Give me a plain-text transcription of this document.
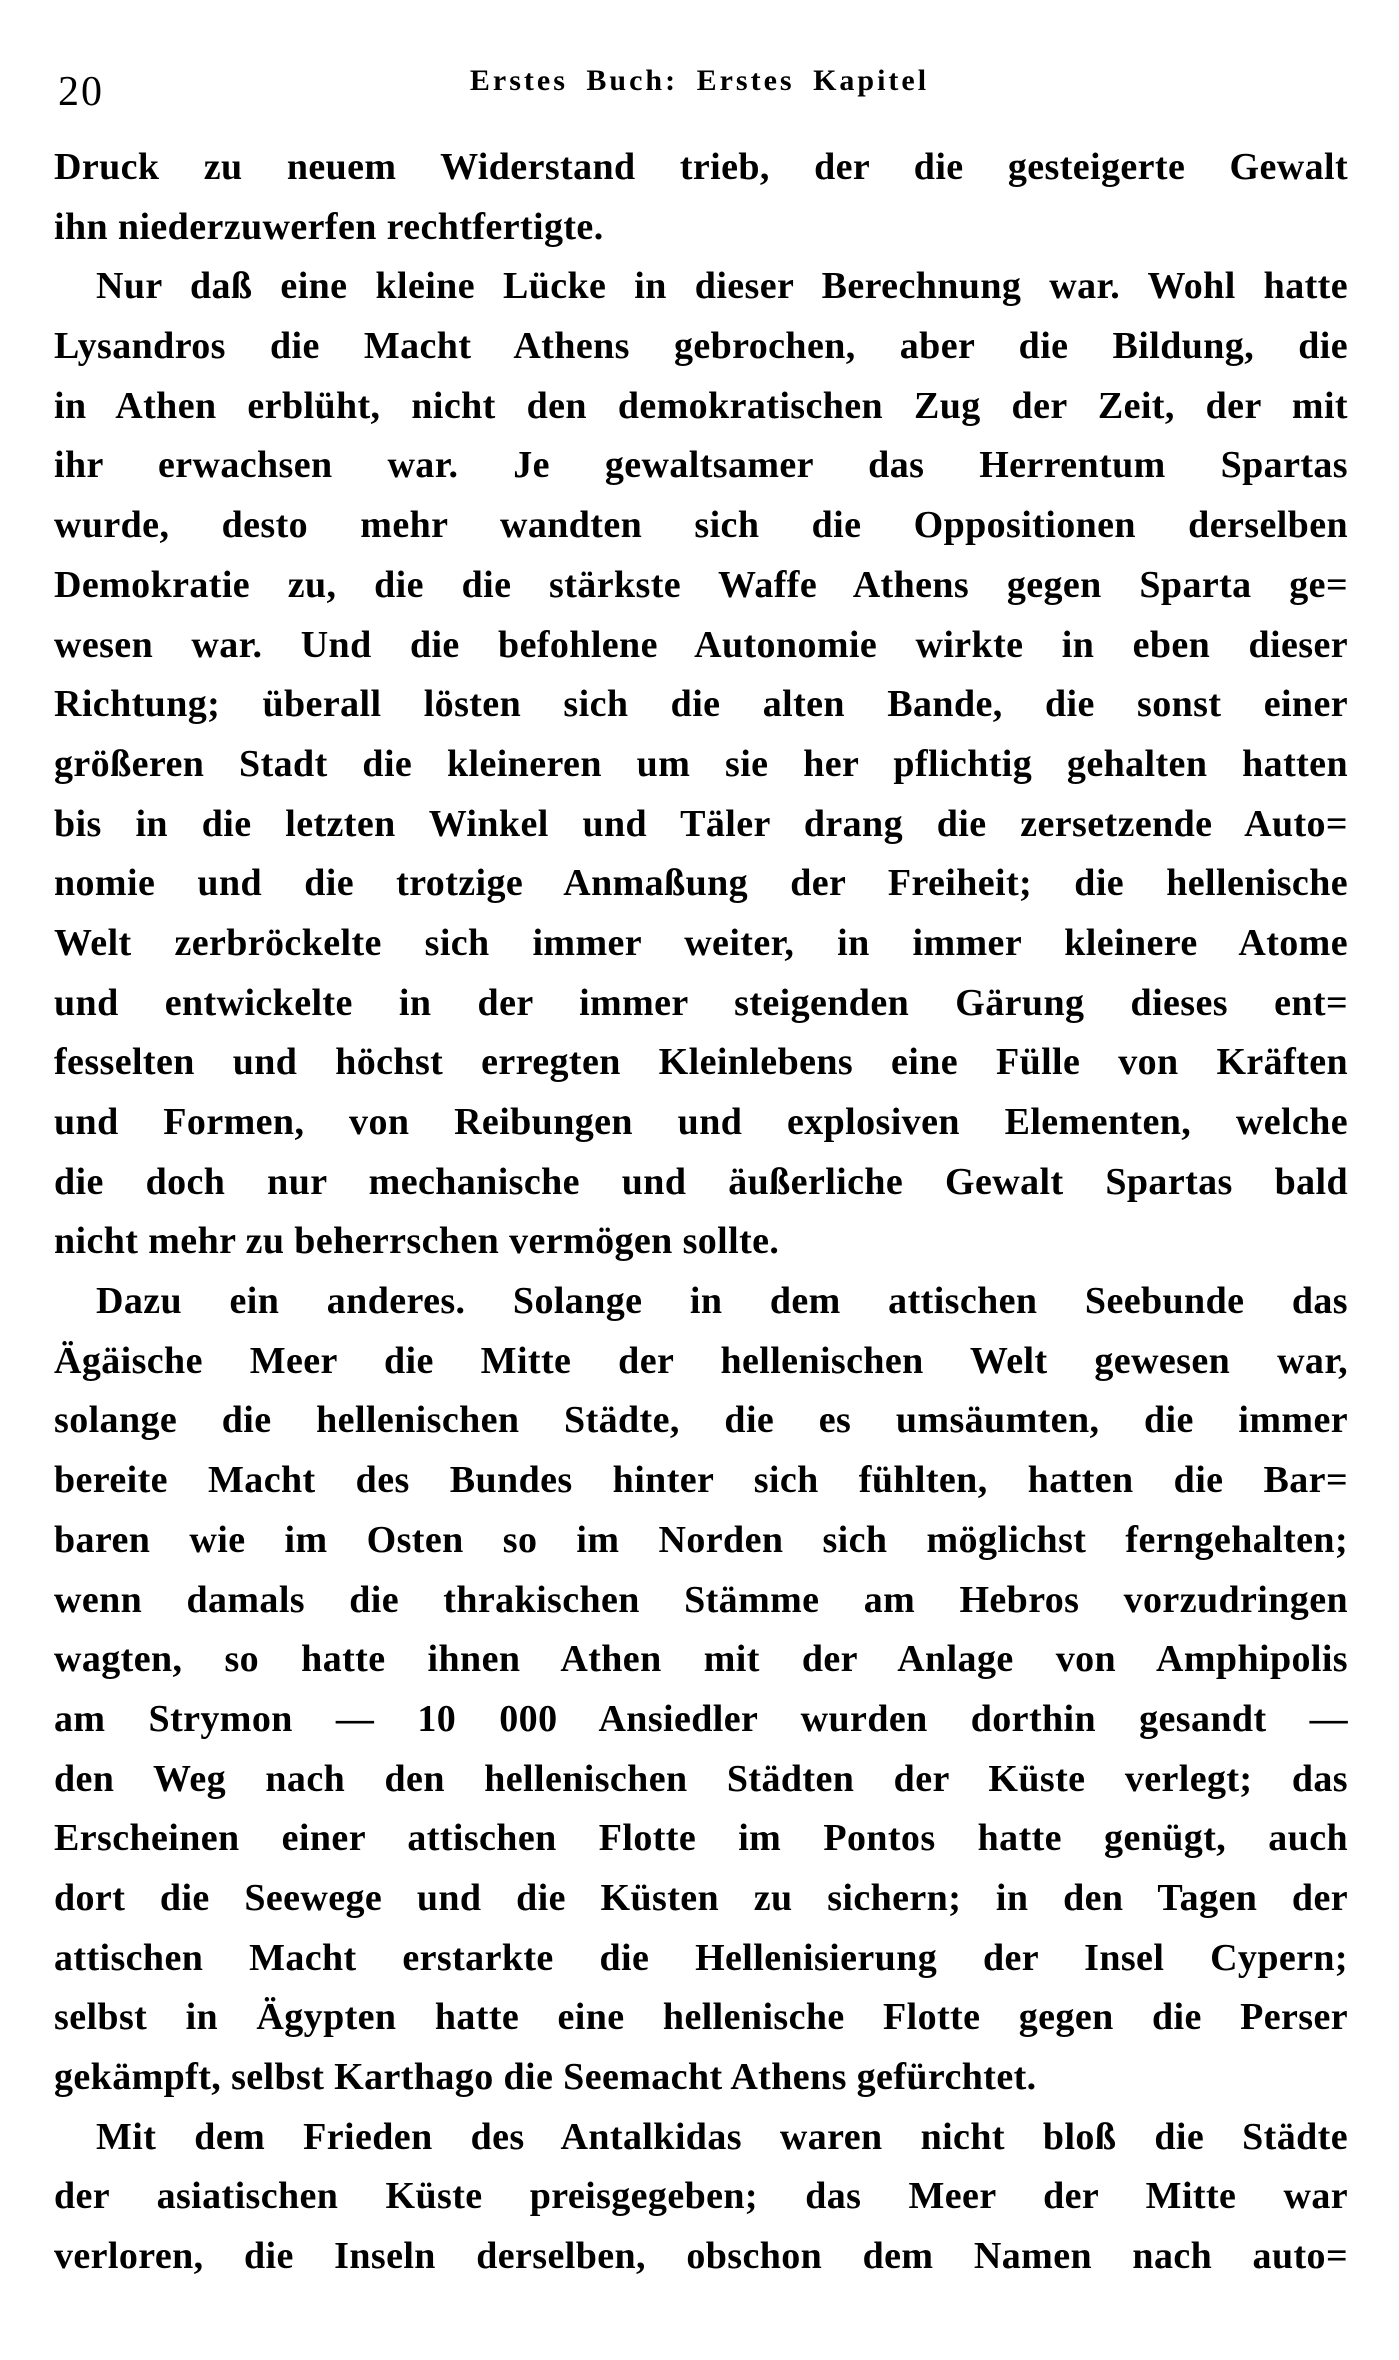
20	Erstes Buch: Erstes Kapitel
Druck zu neuem Widerstand trieb, der die gesteigerte Gewalt
ihn niederzuwerfen rechtfertigte.
Nur daß eine kleine Lücke in dieser Berechnung war. Wohl hatte
Lysandros die Macht Athens gebrochen, aber die Bildung, die
in Athen erblüht, nicht den demokratischen Zug der Zeit, der mit
ihr erwachsen war. Je gewaltsamer das Herrentum Spartas
wurde, desto mehr wandten sich die Oppositionen derselben
Demokratie zu, die die stärkste Waffe Athens gegen Sparta ge=
wesen war. Und die befohlene Autonomie wirkte in eben dieser
Richtung; überall lösten sich die alten Bande, die sonst einer
größeren Stadt die kleineren um sie her pflichtig gehalten hatten
bis in die letzten Winkel und Täler drang die zersetzende Auto=
nomie und die trotzige Anmaßung der Freiheit; die hellenische
Welt zerbröckelte sich immer weiter, in immer kleinere Atome
und entwickelte in der immer steigenden Gärung dieses ent=
fesselten und höchst erregten Kleinlebens eine Fülle von Kräften
und Formen, von Reibungen und explosiven Elementen, welche
die doch nur mechanische und äußerliche Gewalt Spartas bald
nicht mehr zu beherrschen vermögen sollte.
Dazu ein anderes. Solange in dem attischen Seebunde das
Ägäische Meer die Mitte der hellenischen Welt gewesen war,
solange die hellenischen Städte, die es umsäumten, die immer
bereite Macht des Bundes hinter sich fühlten, hatten die Bar=
baren wie im Osten so im Norden sich möglichst ferngehalten;
wenn damals die thrakischen Stämme am Hebros vorzudringen
wagten, so hatte ihnen Athen mit der Anlage von Amphipolis
am Strymon — 10 000 Ansiedler wurden dorthin gesandt —
den Weg nach den hellenischen Städten der Küste verlegt; das
Erscheinen einer attischen Flotte im Pontos hatte genügt, auch
dort die Seewege und die Küsten zu sichern; in den Tagen der
attischen Macht erstarkte die Hellenisierung der Insel Cypern;
selbst in Ägypten hatte eine hellenische Flotte gegen die Perser
gekämpft, selbst Karthago die Seemacht Athens gefürchtet.
Mit dem Frieden des Antalkidas waren nicht bloß die Städte
der asiatischen Küste preisgegeben; das Meer der Mitte war
verloren, die Inseln derselben, obschon dem Namen nach auto=
